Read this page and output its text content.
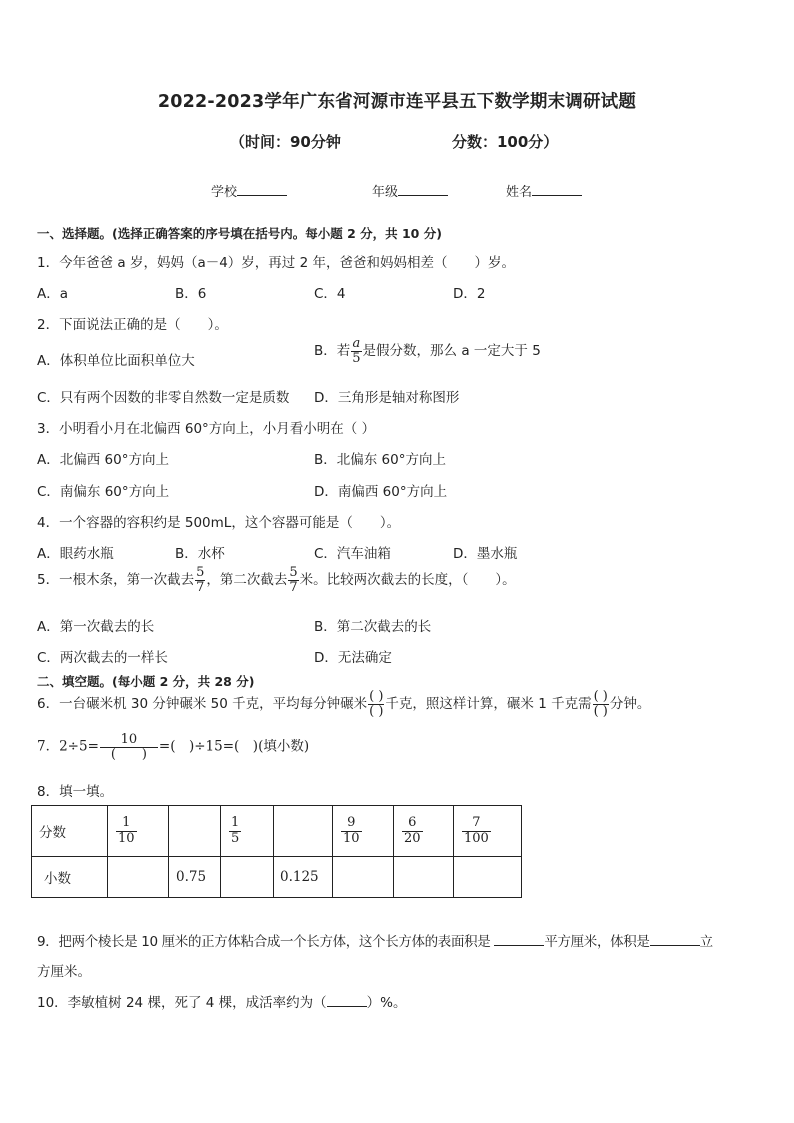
2022-2023学年广东省河源市连平县五下数学期末调研试题
（时间：90分钟	分数：100分）
学校	年级	姓名
一、选择题。(选择正确答案的序号填在括号内。每小题 2 分，共 10 分)
1．今年爸爸 a 岁，妈妈（a－4）岁，再过 2 年，爸爸和妈妈相差（　　）岁。
A．a	B．6	C．4	D．2
2．下面说法正确的是（　　）。
A．体积单位比面积单位大
B．若 $\frac{a}{5}$ 是假分数，那么 a 一定大于 5
C．只有两个因数的非零自然数一定是质数 D．三角形是轴对称图形
3．小明看小月在北偏西 60°方向上，小月看小明在（ ）
A．北偏西 60°方向上	B．北偏东 60°方向上
C．南偏东 60°方向上	D．南偏西 60°方向上
4．一个容器的容积约是 500mL，这个容器可能是（　　）。
A．眼药水瓶	B．水杯	C．汽车油箱	D．墨水瓶
5．一根木条，第一次截去 $\frac{5}{7}$ ，第二次截去 $\frac{5}{7}$ 米。比较两次截去的长度，（　　）。
A．第一次截去的长	B．第二次截去的长
C．两次截去的一样长	D．无法确定
二、填空题。(每小题 2 分，共 28 分)
6．一台碾米机 30 分钟碾米 50 千克，平均每分钟碾米 $\frac{( )}{( )}$ 千克，照这样计算，碾米 1 千克需 $\frac{( )}{( )}$ 分钟。
7．$2\div 5= \frac{10}{( )}$ =(　)÷15=(　)(填小数)
8．填一填。
分数	$\frac{1}{10}$		$\frac{1}{5}$		$\frac{9}{10}$	$\frac{6}{20}$	$\frac{7}{100}$

小数		0.75		0.125			
9．把两个棱长是 10 厘米的正方体粘合成一个长方体，这个长方体的表面积是	平方厘米，体积是	立
方厘米。
10．李敏植树 24 棵，死了 4 棵，成活率约为（	）%。
